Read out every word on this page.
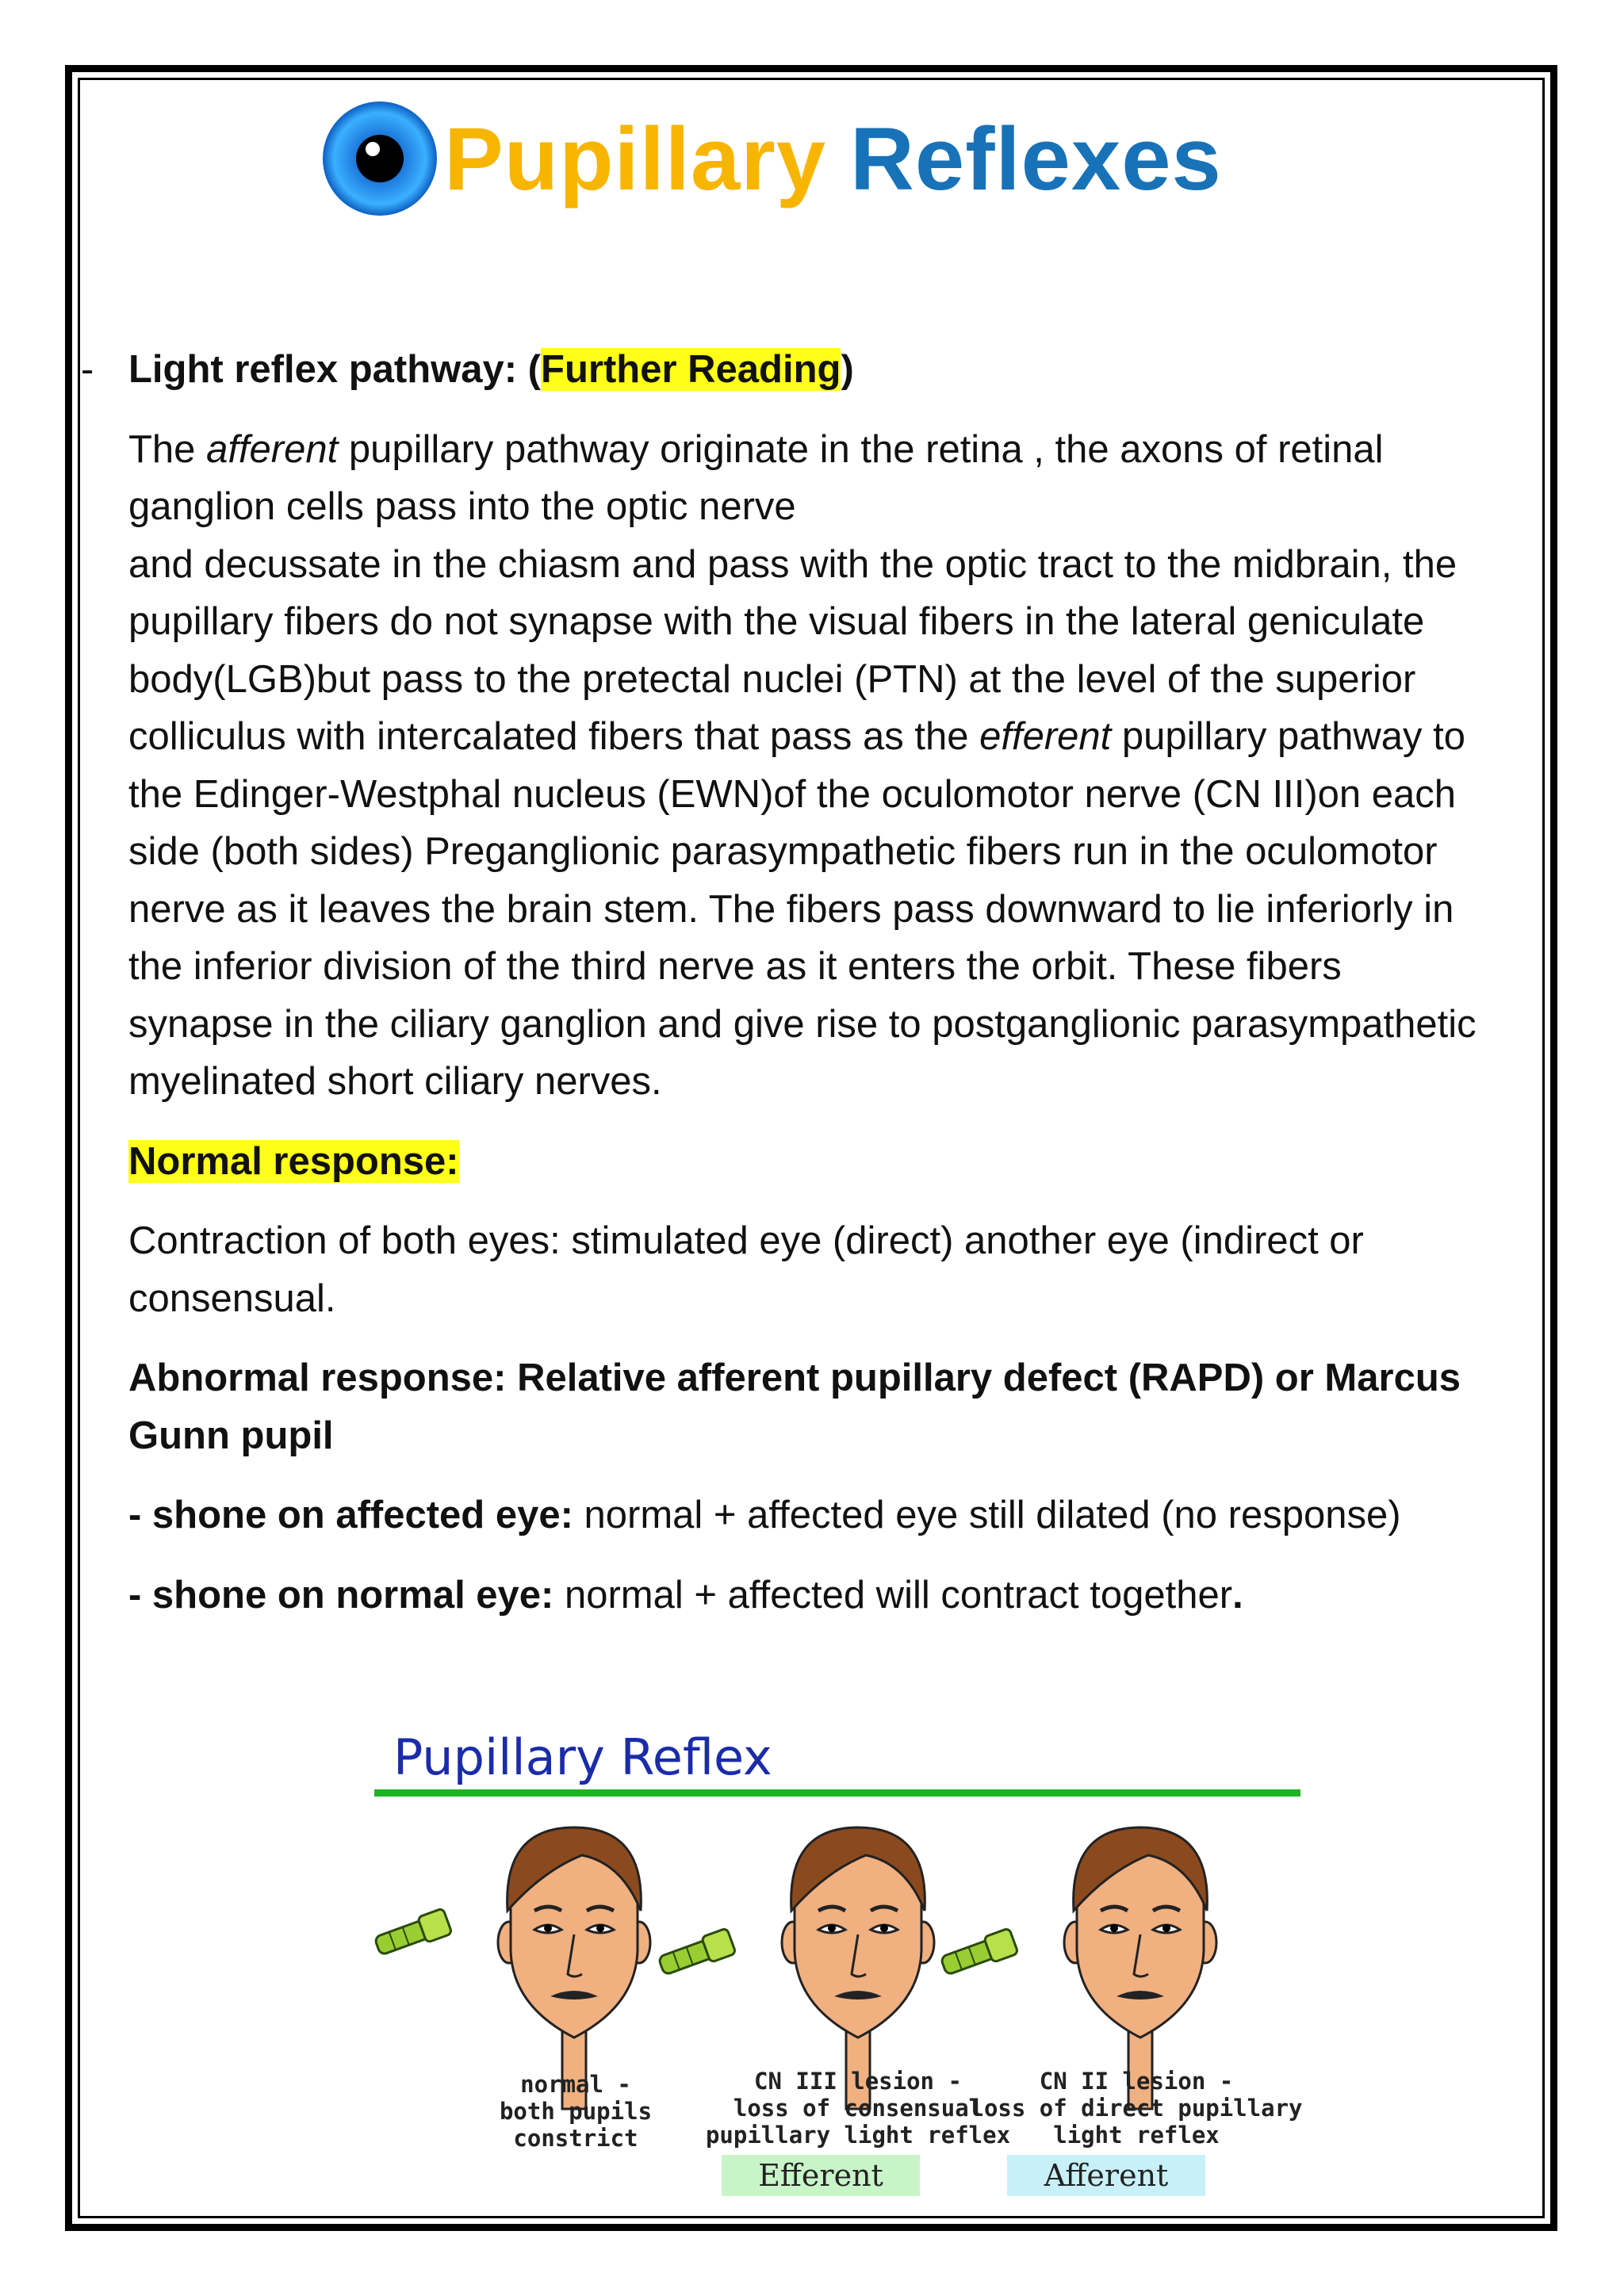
Pupillary Reflexes
- Light reflex pathway: (Further Reading)

The afferent pupillary pathway originate in the retina , the axons of retinal ganglion cells pass into the optic nerve
and decussate in the chiasm and pass with the optic tract to the midbrain, the pupillary fibers do not synapse with the visual fibers in the lateral geniculate body(LGB)but pass to the pretectal nuclei (PTN) at the level of the superior colliculus with intercalated fibers that pass as the efferent pupillary pathway to the Edinger-Westphal nucleus (EWN)of the oculomotor nerve (CN III)on each side (both sides) Preganglionic parasympathetic fibers run in the oculomotor nerve as it leaves the brain stem. The fibers pass downward to lie inferiorly in the inferior division of the third nerve as it enters the orbit. These fibers synapse in the ciliary ganglion and give rise to postganglionic parasympathetic myelinated short ciliary nerves.

Normal response:

Contraction of both eyes: stimulated eye (direct) another eye (indirect or consensual.

Abnormal response: Relative afferent pupillary defect (RAPD) or Marcus Gunn pupil

- shone on affected eye: normal + affected eye still dilated (no response)

- shone on normal eye: normal + affected will contract together.

Pupillary Reflex
normal -
both pupils
constrict
CN III lesion -
loss of consensual
pupillary light reflex
CN II lesion -
loss of direct pupillary
light reflex
Efferent	Afferent
